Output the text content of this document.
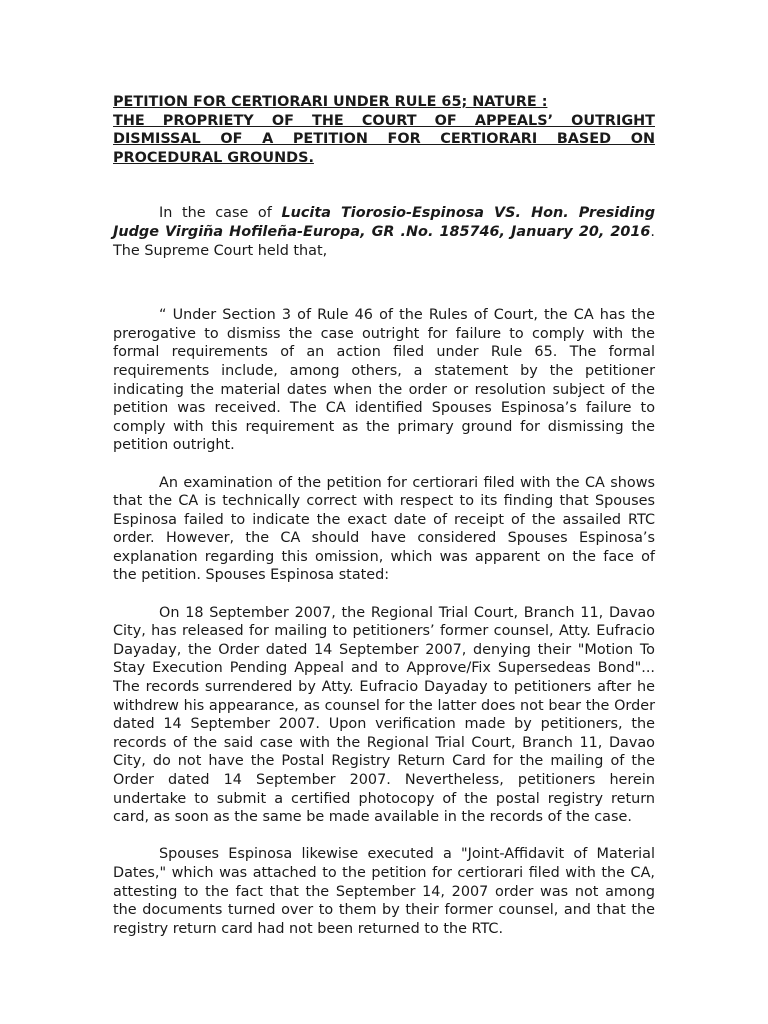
PETITION FOR CERTIORARI UNDER RULE 65; NATURE :
THE PROPRIETY OF THE COURT OF APPEALS’ OUTRIGHT DISMISSAL OF A PETITION FOR CERTIORARI BASED ON PROCEDURAL GROUNDS.

In the case of Lucita Tiorosio-Espinosa VS. Hon. Presiding Judge Virgiña Hofileña-Europa, GR .No. 185746, January 20, 2016. The Supreme Court held that,

“ Under Section 3 of Rule 46 of the Rules of Court, the CA has the prerogative to dismiss the case outright for failure to comply with the formal requirements of an action filed under Rule 65. The formal requirements include, among others, a statement by the petitioner indicating the material dates when the order or resolution subject of the petition was received. The CA identified Spouses Espinosa’s failure to comply with this requirement as the primary ground for dismissing the petition outright.

An examination of the petition for certiorari filed with the CA shows that the CA is technically correct with respect to its finding that Spouses Espinosa failed to indicate the exact date of receipt of the assailed RTC order. However, the CA should have considered Spouses Espinosa’s explanation regarding this omission, which was apparent on the face of the petition. Spouses Espinosa stated:

On 18 September 2007, the Regional Trial Court, Branch 11, Davao City, has released for mailing to petitioners’ former counsel, Atty. Eufracio Dayaday, the Order dated 14 September 2007, denying their "Motion To Stay Execution Pending Appeal and to Approve/Fix Supersedeas Bond"... The records surrendered by Atty. Eufracio Dayaday to petitioners after he withdrew his appearance, as counsel for the latter does not bear the Order dated 14 September 2007. Upon verification made by petitioners, the records of the said case with the Regional Trial Court, Branch 11, Davao City, do not have the Postal Registry Return Card for the mailing of the Order dated 14 September 2007. Nevertheless, petitioners herein undertake to submit a certified photocopy of the postal registry return card, as soon as the same be made available in the records of the case.

Spouses Espinosa likewise executed a "Joint-Affidavit of Material Dates," which was attached to the petition for certiorari filed with the CA, attesting to the fact that the September 14, 2007 order was not among the documents turned over to them by their former counsel, and that the registry return card had not been returned to the RTC.
